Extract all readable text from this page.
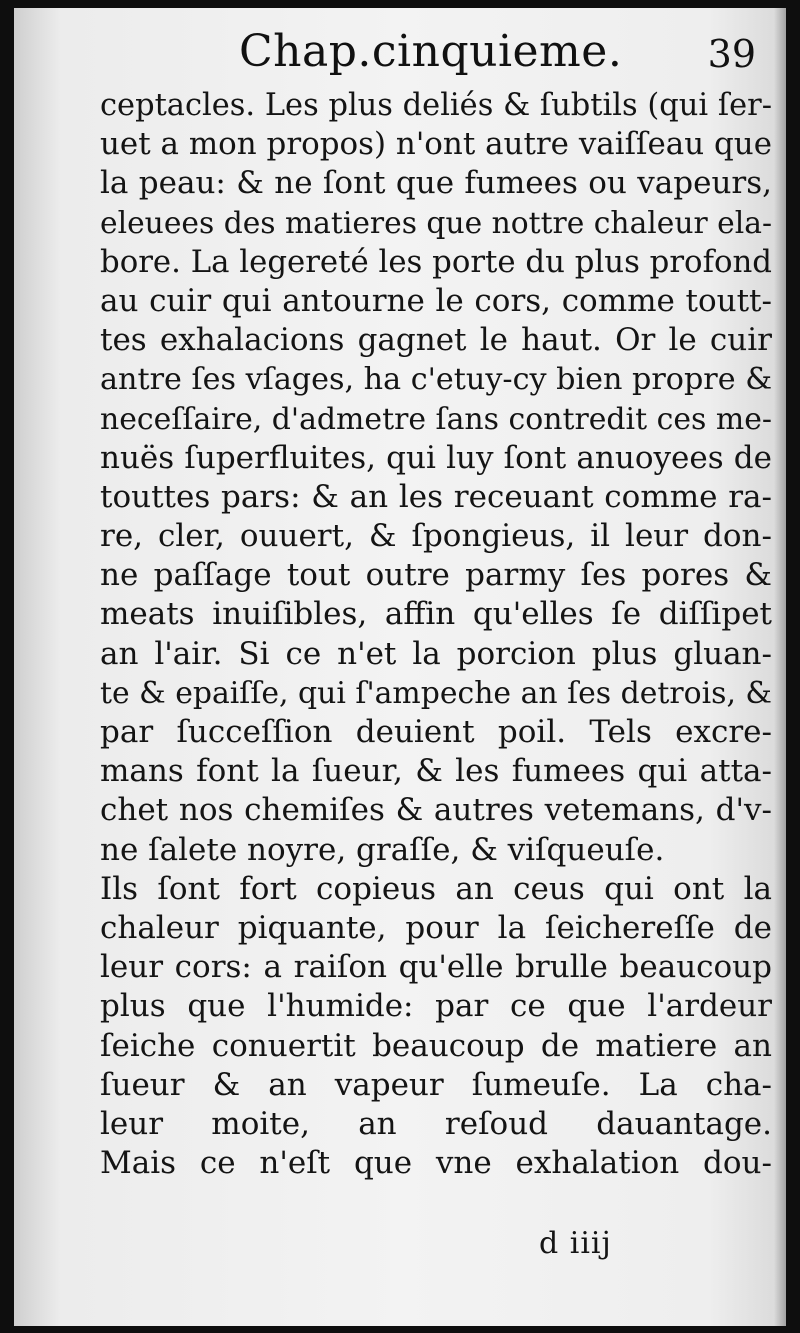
Chap.cinquieme. 39
ceptacles. Les plus deliés & ſubtils (qui ſer-
uet a mon propos) n'ont autre vaiſſeau que
la peau: & ne ſont que fumees ou vapeurs,
eleuees des matieres que nottre chaleur ela-
bore. La legereté les porte du plus profond
au cuir qui antourne le cors, comme toutt-
tes exhalacions gagnet le haut. Or le cuir
antre ſes vſages, ha c'etuy-cy bien propre &
neceſſaire, d'admetre ſans contredit ces me-
nuës ſuperfluites, qui luy ſont anuoyees de
touttes pars: & an les receuant comme ra-
re, cler, ouuert, & ſpongieus, il leur don-
ne paſſage tout outre parmy ſes pores &
meats inuiſibles, affin qu'elles ſe diſſipet
an l'air. Si ce n'et la porcion plus gluan-
te & epaiſſe, qui ſ'ampeche an ſes detrois, &
par ſucceſſion deuient poil. Tels excre-
mans font la ſueur, & les fumees qui atta-
chet nos chemiſes & autres vetemans, d'v-
ne ſalete noyre, graſſe, & viſqueuſe.
Ils ſont fort copieus an ceus qui ont la
chaleur piquante, pour la ſeichereſſe de
leur cors: a raiſon qu'elle brulle beaucoup
plus que l'humide: par ce que l'ardeur
ſeiche conuertit beaucoup de matiere an
ſueur & an vapeur ſumeuſe. La cha-
leur moite, an reſoud dauantage.
Mais ce n'eſt que vne exhalation dou-
d iiij
